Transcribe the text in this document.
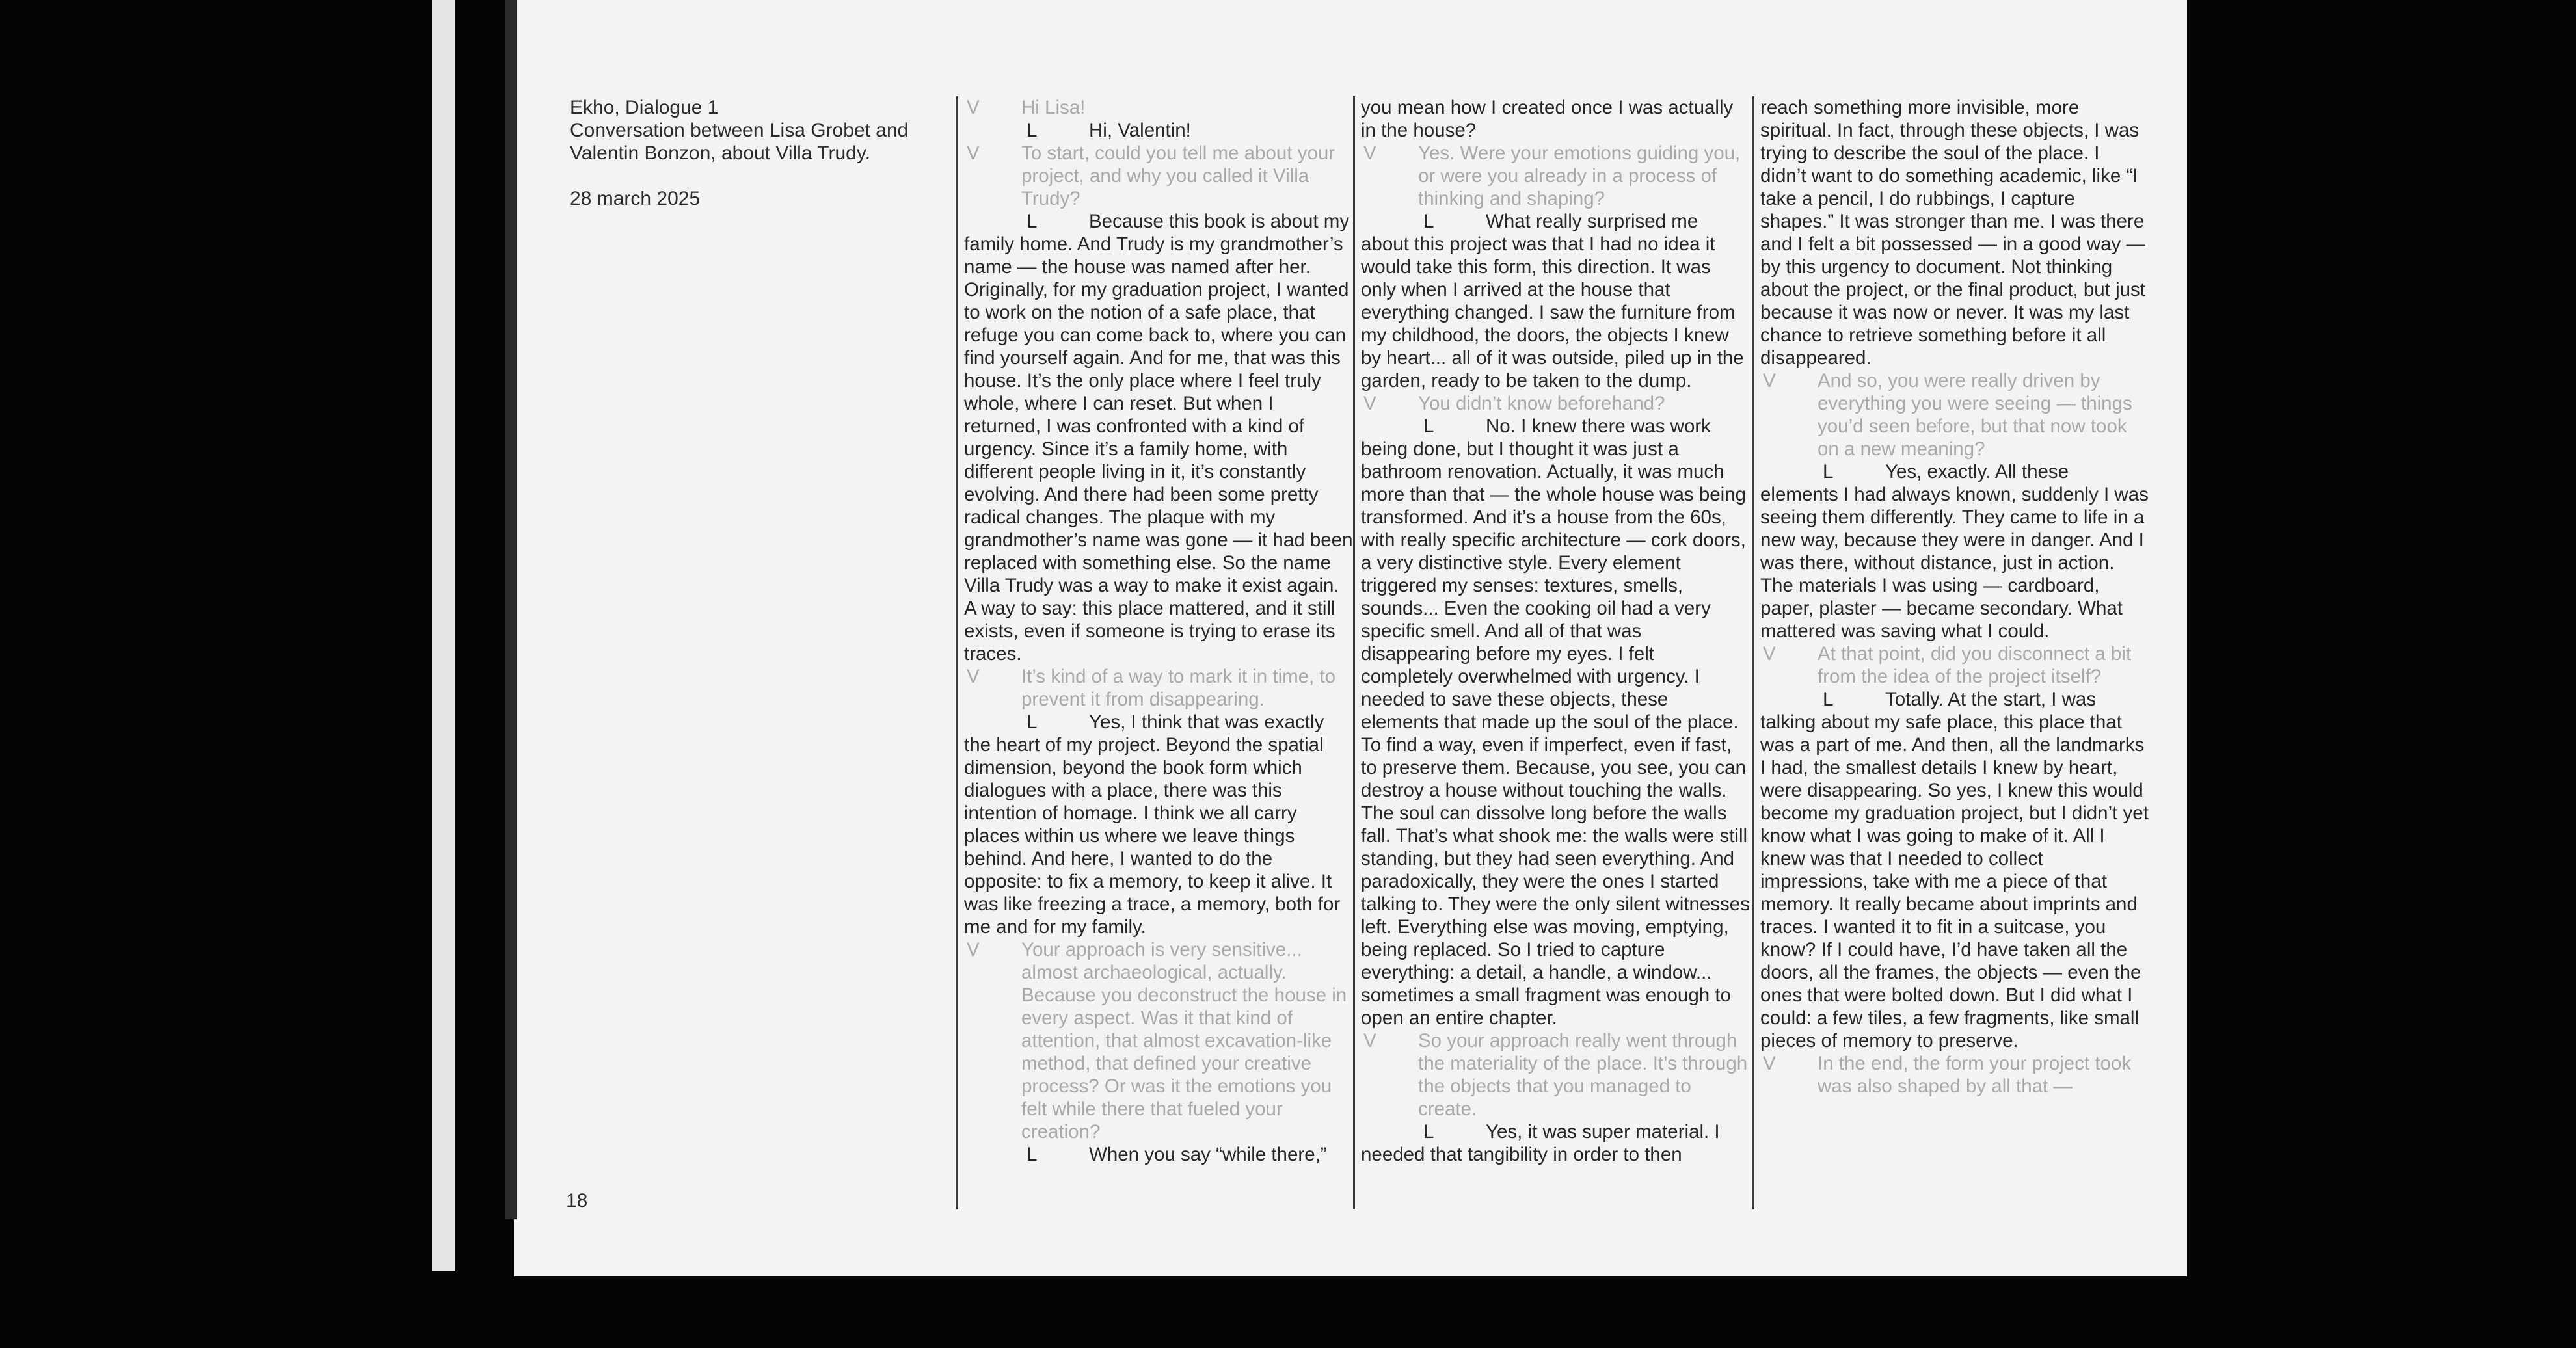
Ekho, Dialogue 1

Conversation between Lisa Grobet and Valentin Bonzon, about Villa Trudy.

28 march 2025

V Hi Lisa!

L	Hi, Valentin!

V To start, could you tell me about your project, and why you called it Villa Trudy?

L	Because this book is about my family home. And Trudy is my grandmother’s name — the house was named after her. Originally, for my graduation project, I wanted to work on the notion of a safe place, that refuge you can come back to, where you can find yourself again. And for me, that was this house. It’s the only place where I feel truly whole, where I can reset. But when I returned, I was confronted with a kind of urgency. Since it’s a family home, with different people living in it, it’s constantly evolving. And there had been some pretty radical changes. The plaque with my grandmother’s name was gone — it had been replaced with something else. So the name Villa Trudy was a way to make it exist again. A way to say: this place mattered, and it still exists, even if someone is trying to erase its traces.

V It’s kind of a way to mark it in time, to prevent it from disappearing.

L	Yes, I think that was exactly the heart of my project. Beyond the spatial dimension, beyond the book form which dialogues with a place, there was this intention of homage. I think we all carry places within us where we leave things behind. And here, I wanted to do the opposite: to fix a memory, to keep it alive. It was like freezing a trace, a memory, both for me and for my family.

V Your approach is very sensitive... almost archaeological, actually. Because you deconstruct the house in every aspect. Was it that kind of attention, that almost excavation-like method, that defined your creative process? Or was it the emotions you felt while there that fueled your creation?

L	When you say “while there,”

you mean how I created once I was actually in the house?

V Yes. Were your emotions guiding you, or were you already in a process of thinking and shaping?

L	What really surprised me about this project was that I had no idea it would take this form, this direction. It was only when I arrived at the house that everything changed. I saw the furniture from my childhood, the doors, the objects I knew by heart... all of it was outside, piled up in the garden, ready to be taken to the dump.

V You didn’t know beforehand?

L	No. I knew there was work being done, but I thought it was just a bathroom renovation. Actually, it was much more than that — the whole house was being transformed. And it’s a house from the 60s, with really specific architecture — cork doors, a very distinctive style. Every element triggered my senses: textures, smells, sounds... Even the cooking oil had a very specific smell. And all of that was disappearing before my eyes. I felt completely overwhelmed with urgency. I needed to save these objects, these elements that made up the soul of the place. To find a way, even if imperfect, even if fast, to preserve them. Because, you see, you can destroy a house without touching the walls. The soul can dissolve long before the walls fall. That’s what shook me: the walls were still standing, but they had seen everything. And paradoxically, they were the ones I started talking to. They were the only silent witnesses left. Everything else was moving, emptying, being replaced. So I tried to capture everything: a detail, a handle, a window... sometimes a small fragment was enough to open an entire chapter.

V So your approach really went through the materiality of the place. It’s through the objects that you managed to create.

L	Yes, it was super material. I needed that tangibility in order to then

reach something more invisible, more spiritual. In fact, through these objects, I was trying to describe the soul of the place. I didn’t want to do something academic, like “I take a pencil, I do rubbings, I capture shapes.” It was stronger than me. I was there and I felt a bit possessed — in a good way — by this urgency to document. Not thinking about the project, or the final product, but just because it was now or never. It was my last chance to retrieve something before it all disappeared.

V And so, you were really driven by everything you were seeing — things you’d seen before, but that now took on a new meaning?

L	Yes, exactly. All these elements I had always known, suddenly I was seeing them differently. They came to life in a new way, because they were in danger. And I was there, without distance, just in action. The materials I was using — cardboard, paper, plaster — became secondary. What mattered was saving what I could.

V At that point, did you disconnect a bit from the idea of the project itself?

L	Totally. At the start, I was talking about my safe place, this place that was a part of me. And then, all the landmarks I had, the smallest details I knew by heart, were disappearing. So yes, I knew this would become my graduation project, but I didn’t yet know what I was going to make of it. All I knew was that I needed to collect impressions, take with me a piece of that memory. It really became about imprints and traces. I wanted it to fit in a suitcase, you know? If I could have, I’d have taken all the doors, all the frames, the objects — even the ones that were bolted down. But I did what I could: a few tiles, a few fragments, like small pieces of memory to preserve.

V In the end, the form your project took was also shaped by all that —

18
